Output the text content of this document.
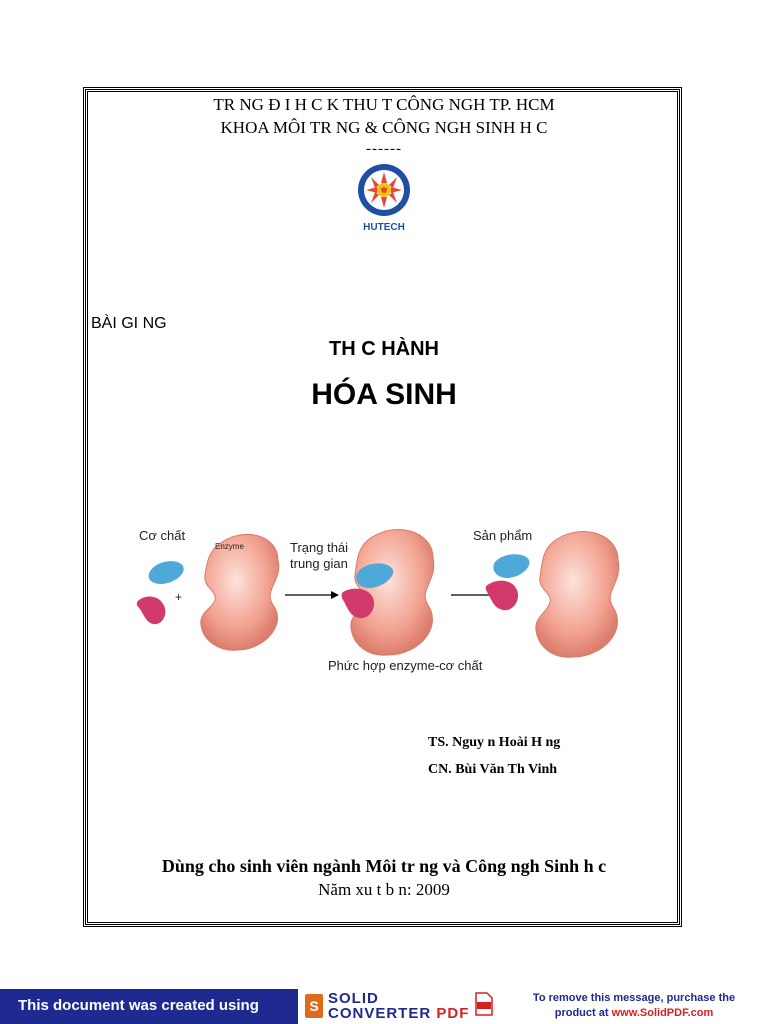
TR NG Đ I H C K THU T CÔNG NGH TP. HCM
KHOA MÔI TR NG & CÔNG NGH SINH H C
------
HUTECH
BÀI GI NG
TH C HÀNH
HÓA SINH
Cơ chất
Enzyme
+
Trạng thái
trung gian
Sản phẩm
Phức hợp enzyme-cơ chất
TS. Nguy n Hoài H ng
CN. Bùi Văn Th Vinh
Dùng cho sinh viên ngành Môi tr ng và Công ngh Sinh h c
Năm xu t b n: 2009
This document was created using	S SOLID
CONVERTER PDF
To remove this message, purchase the
product at www.SolidPDF.com
